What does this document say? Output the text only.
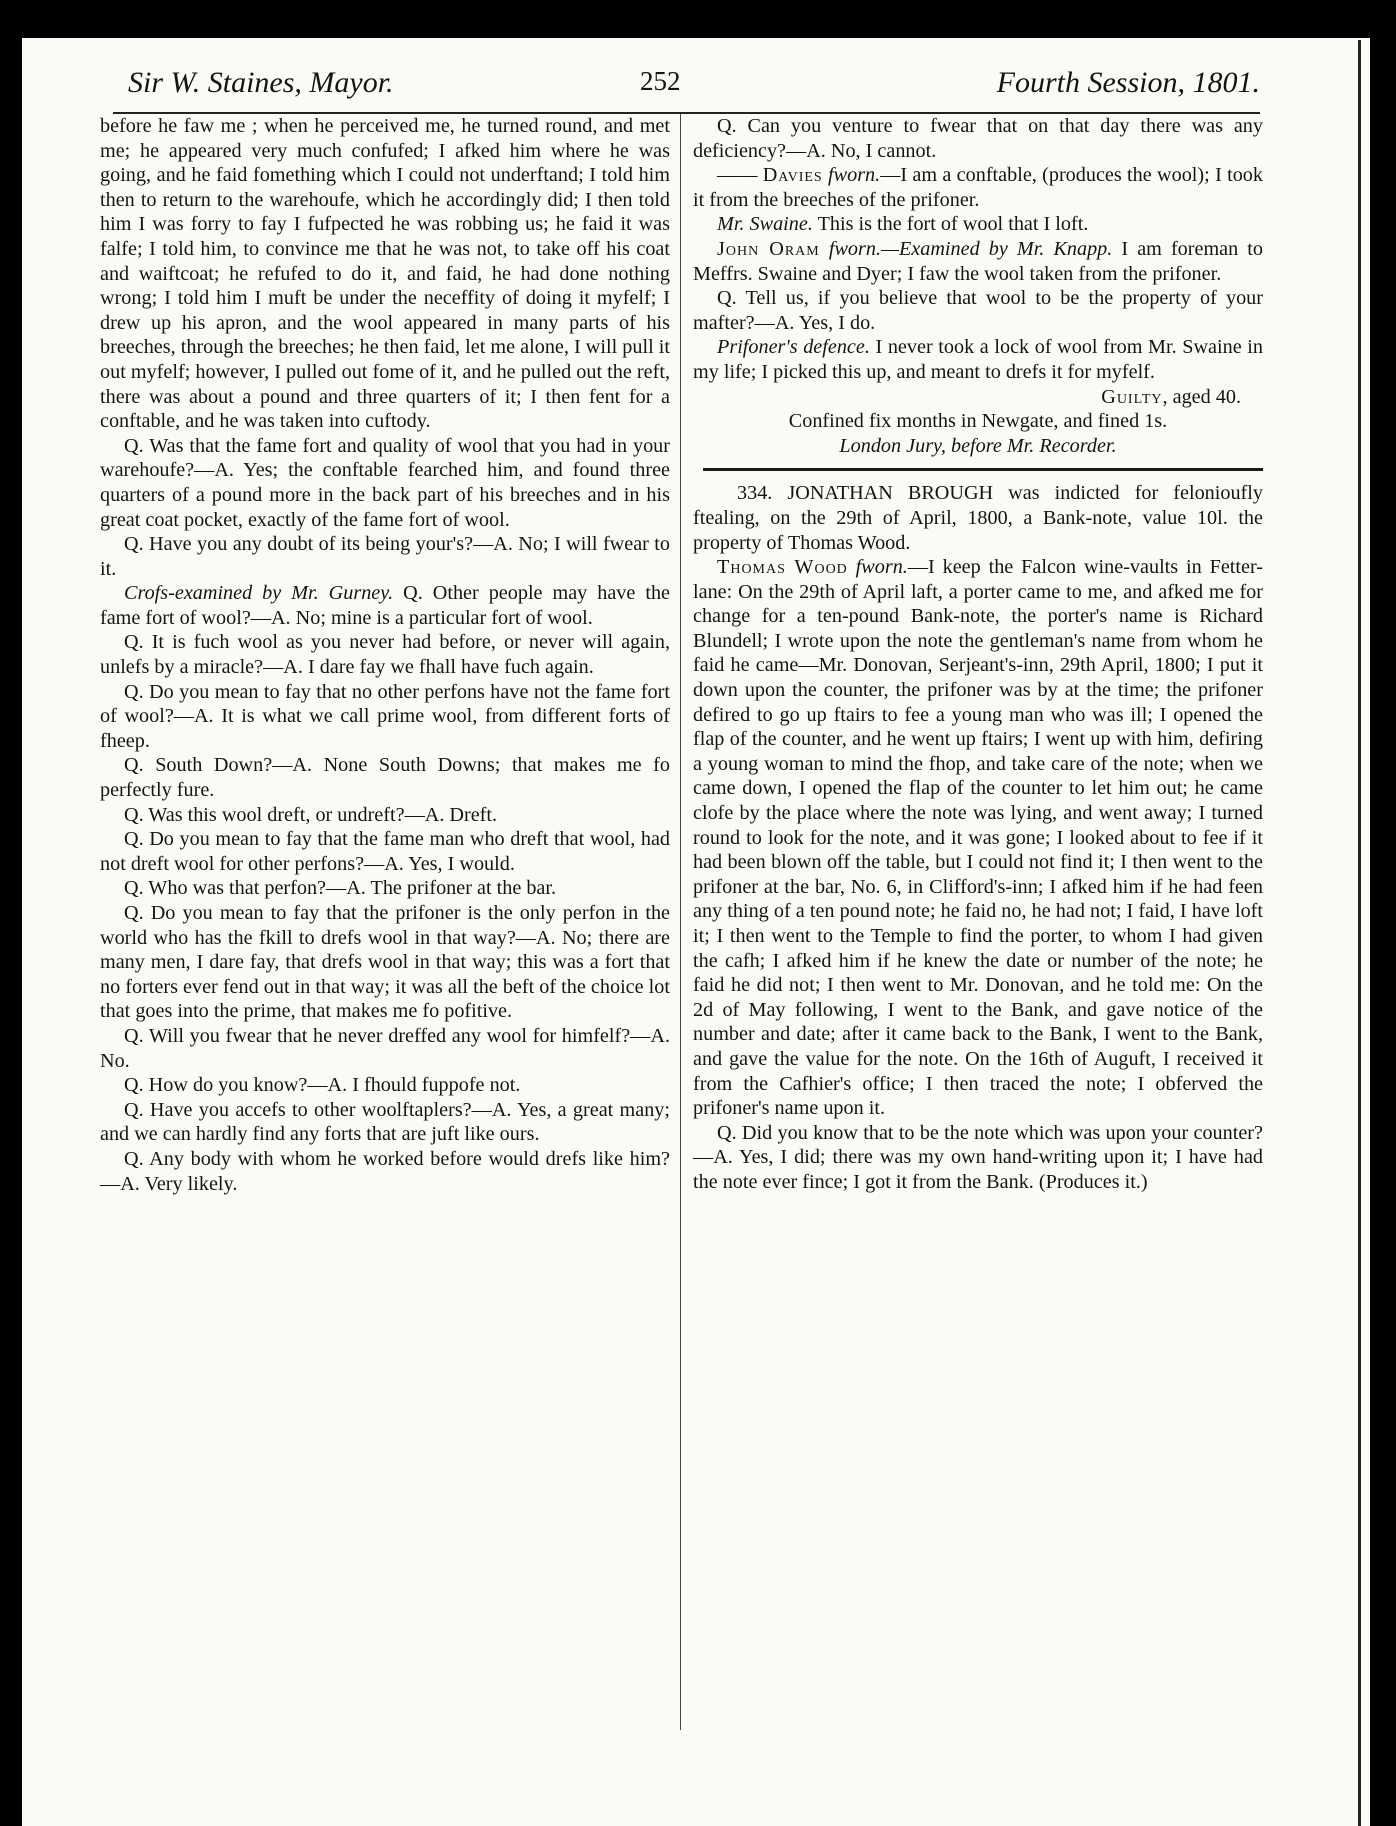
Sir W. Staines, Mayor.	252	Fourth Session, 1801.

before he faw me ; when he perceived me, he turned round, and met me; he appeared very much confufed; I afked him where he was going, and he faid fomething which I could not underftand; I told him then to return to the warehoufe, which he accordingly did; I then told him I was forry to fay I fufpected he was robbing us; he faid it was falfe; I told him, to convince me that he was not, to take off his coat and waiftcoat; he refufed to do it, and faid, he had done nothing wrong; I told him I muft be under the neceffity of doing it myfelf; I drew up his apron, and the wool appeared in many parts of his breeches, through the breeches; he then faid, let me alone, I will pull it out myfelf; however, I pulled out fome of it, and he pulled out the reft, there was about a pound and three quarters of it; I then fent for a conftable, and he was taken into cuftody.

Q. Was that the fame fort and quality of wool that you had in your warehoufe?—A. Yes; the conftable fearched him, and found three quarters of a pound more in the back part of his breeches and in his great coat pocket, exactly of the fame fort of wool.

Q. Have you any doubt of its being your's?—A. No; I will fwear to it.

Crofs-examined by Mr. Gurney. Q. Other people may have the fame fort of wool?—A. No; mine is a particular fort of wool.

Q. It is fuch wool as you never had before, or never will again, unlefs by a miracle?—A. I dare fay we fhall have fuch again.

Q. Do you mean to fay that no other perfons have not the fame fort of wool?—A. It is what we call prime wool, from different forts of fheep.

Q. South Down?—A. None South Downs; that makes me fo perfectly fure.

Q. Was this wool dreft, or undreft?—A. Dreft.

Q. Do you mean to fay that the fame man who dreft that wool, had not dreft wool for other perfons?—A. Yes, I would.

Q. Who was that perfon?—A. The prifoner at the bar.

Q. Do you mean to fay that the prifoner is the only perfon in the world who has the fkill to drefs wool in that way?—A. No; there are many men, I dare fay, that drefs wool in that way; this was a fort that no forters ever fend out in that way; it was all the beft of the choice lot that goes into the prime, that makes me fo pofitive.

Q. Will you fwear that he never dreffed any wool for himfelf?—A. No.

Q. How do you know?—A. I fhould fuppofe not.

Q. Have you accefs to other woolftaplers?—A. Yes, a great many; and we can hardly find any forts that are juft like ours.

Q. Any body with whom he worked before would drefs like him?—A. Very likely.

Q. Can you venture to fwear that on that day there was any deficiency?—A. No, I cannot.

—— Davies fworn.—I am a conftable, (produces the wool); I took it from the breeches of the prifoner.

Mr. Swaine. This is the fort of wool that I loft.

John Oram fworn.—Examined by Mr. Knapp. I am foreman to Meffrs. Swaine and Dyer; I faw the wool taken from the prifoner.

Q. Tell us, if you believe that wool to be the property of your mafter?—A. Yes, I do.

Prifoner's defence. I never took a lock of wool from Mr. Swaine in my life; I picked this up, and meant to drefs it for myfelf.

Guilty, aged 40.

Confined fix months in Newgate, and fined 1s.

London Jury, before Mr. Recorder.

334. JONATHAN BROUGH was indicted for felonioufly ftealing, on the 29th of April, 1800, a Bank-note, value 10l. the property of Thomas Wood.

Thomas Wood fworn.—I keep the Falcon wine-vaults in Fetter-lane: On the 29th of April laft, a porter came to me, and afked me for change for a ten-pound Bank-note, the porter's name is Richard Blundell; I wrote upon the note the gentleman's name from whom he faid he came—Mr. Donovan, Serjeant's-inn, 29th April, 1800; I put it down upon the counter, the prifoner was by at the time; the prifoner defired to go up ftairs to fee a young man who was ill; I opened the flap of the counter, and he went up ftairs; I went up with him, defiring a young woman to mind the fhop, and take care of the note; when we came down, I opened the flap of the counter to let him out; he came clofe by the place where the note was lying, and went away; I turned round to look for the note, and it was gone; I looked about to fee if it had been blown off the table, but I could not find it; I then went to the prifoner at the bar, No. 6, in Clifford's-inn; I afked him if he had feen any thing of a ten pound note; he faid no, he had not; I faid, I have loft it; I then went to the Temple to find the porter, to whom I had given the cafh; I afked him if he knew the date or number of the note; he faid he did not; I then went to Mr. Donovan, and he told me: On the 2d of May following, I went to the Bank, and gave notice of the number and date; after it came back to the Bank, I went to the Bank, and gave the value for the note. On the 16th of Auguft, I received it from the Cafhier's office; I then traced the note; I obferved the prifoner's name upon it.

Q. Did you know that to be the note which was upon your counter?—A. Yes, I did; there was my own hand-writing upon it; I have had the note ever fince; I got it from the Bank. (Produces it.)
